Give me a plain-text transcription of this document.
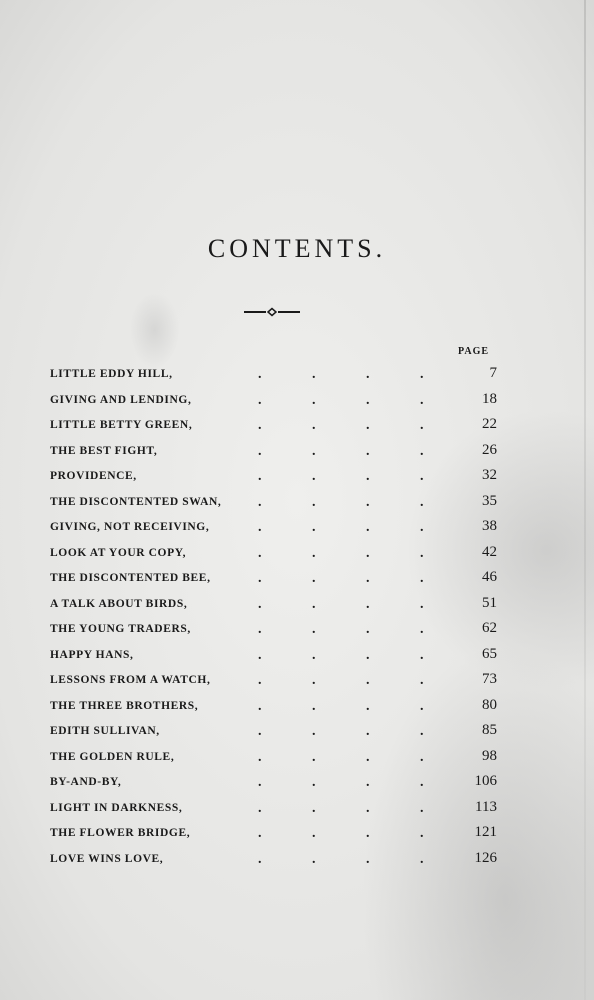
CONTENTS.
PAGE
LITTLE EDDY HILL,	.	.	.	.	7
GIVING AND LENDING,	.	.	.	.	18
LITTLE BETTY GREEN,	.	.	.	.	22
THE BEST FIGHT,	.	.	.	.	26
PROVIDENCE,	.	.	.	.	32
THE DISCONTENTED SWAN,	.	.	.	.	35
GIVING, NOT RECEIVING,	.	.	.	.	38
LOOK AT YOUR COPY,	.	.	.	.	42
THE DISCONTENTED BEE,	.	.	.	.	46
A TALK ABOUT BIRDS,	.	.	.	.	51
THE YOUNG TRADERS,	.	.	.	.	62
HAPPY HANS,	.	.	.	.	65
LESSONS FROM A WATCH,	.	.	.	.	73
THE THREE BROTHERS,	.	.	.	.	80
EDITH SULLIVAN,	.	.	.	.	85
THE GOLDEN RULE,	.	.	.	.	98
BY-AND-BY,	.	.	.	.	106
LIGHT IN DARKNESS,	.	.	.	.	113
THE FLOWER BRIDGE,	.	.	.	.	121
LOVE WINS LOVE,	.	.	.	.	126
